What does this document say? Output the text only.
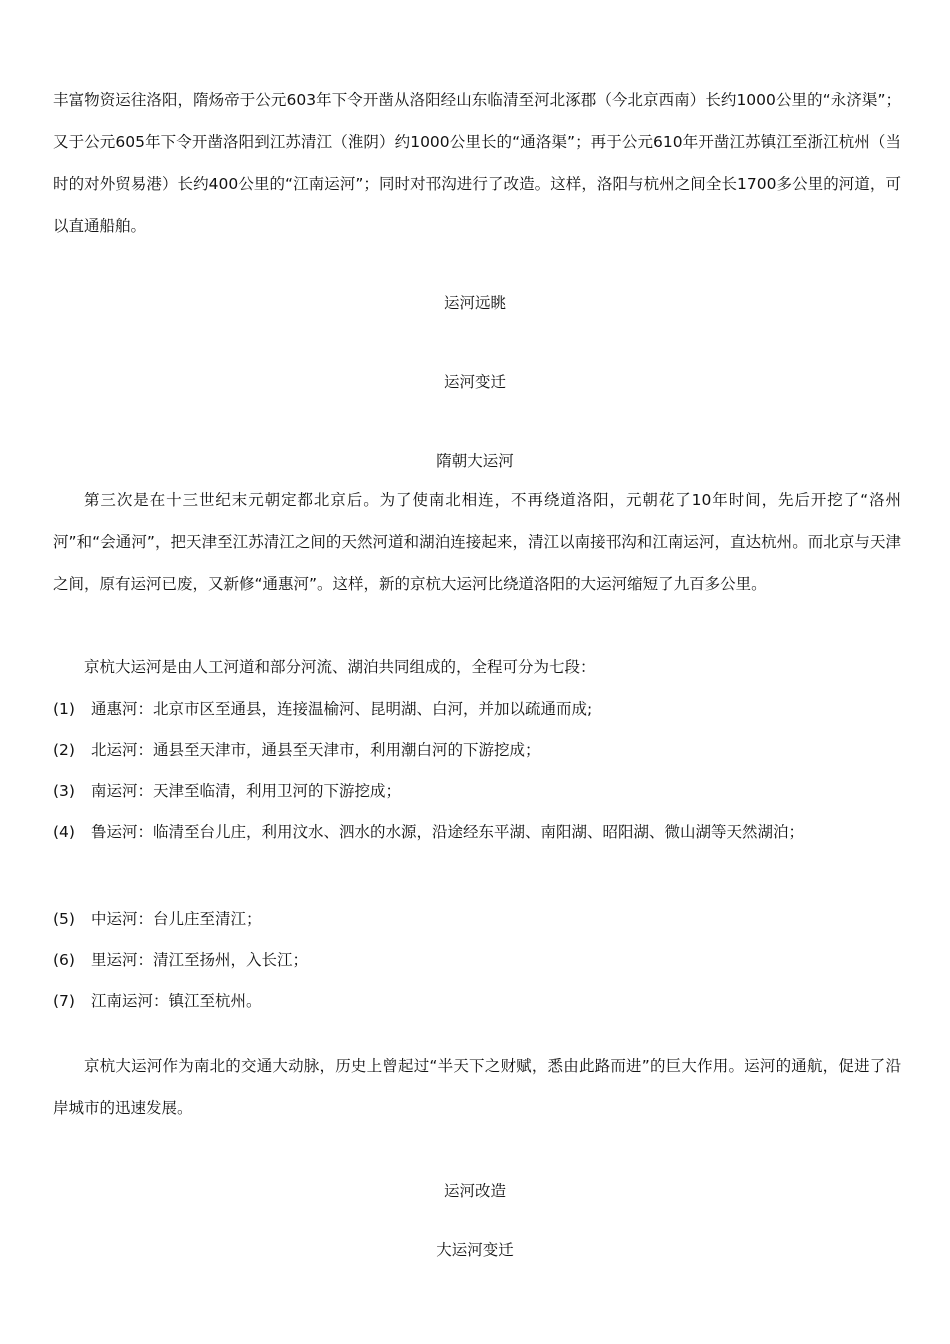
丰富物资运往洛阳，隋炀帝于公元603年下令开凿从洛阳经山东临清至河北涿郡（今北京西南）长约1000公里的“永济渠”；又于公元605年下令开凿洛阳到江苏清江（淮阴）约1000公里长的“通洛渠”；再于公元610年开凿江苏镇江至浙江杭州（当时的对外贸易港）长约400公里的“江南运河”；同时对邗沟进行了改造。这样，洛阳与杭州之间全长1700多公里的河道，可以直通船舶。

运河远眺

运河变迁

隋朝大运河

第三次是在十三世纪末元朝定都北京后。为了使南北相连，不再绕道洛阳，元朝花了10年时间，先后开挖了“洛州河”和“会通河”，把天津至江苏清江之间的天然河道和湖泊连接起来，清江以南接邗沟和江南运河，直达杭州。而北京与天津之间，原有运河已废，又新修“通惠河”。这样，新的京杭大运河比绕道洛阳的大运河缩短了九百多公里。

京杭大运河是由人工河道和部分河流、湖泊共同组成的，全程可分为七段：

(1) 通惠河：北京市区至通县，连接温榆河、昆明湖、白河，并加以疏通而成;

(2) 北运河：通县至天津市，通县至天津市，利用潮白河的下游挖成；

(3) 南运河：天津至临清，利用卫河的下游挖成；

(4) 鲁运河：临清至台儿庄，利用汶水、泗水的水源，沿途经东平湖、南阳湖、昭阳湖、微山湖等天然湖泊；

(5) 中运河：台儿庄至清江；

(6) 里运河：清江至扬州，入长江；

(7) 江南运河：镇江至杭州。

京杭大运河作为南北的交通大动脉，历史上曾起过“半天下之财赋，悉由此路而进”的巨大作用。运河的通航，促进了沿岸城市的迅速发展。

运河改造

大运河变迁
